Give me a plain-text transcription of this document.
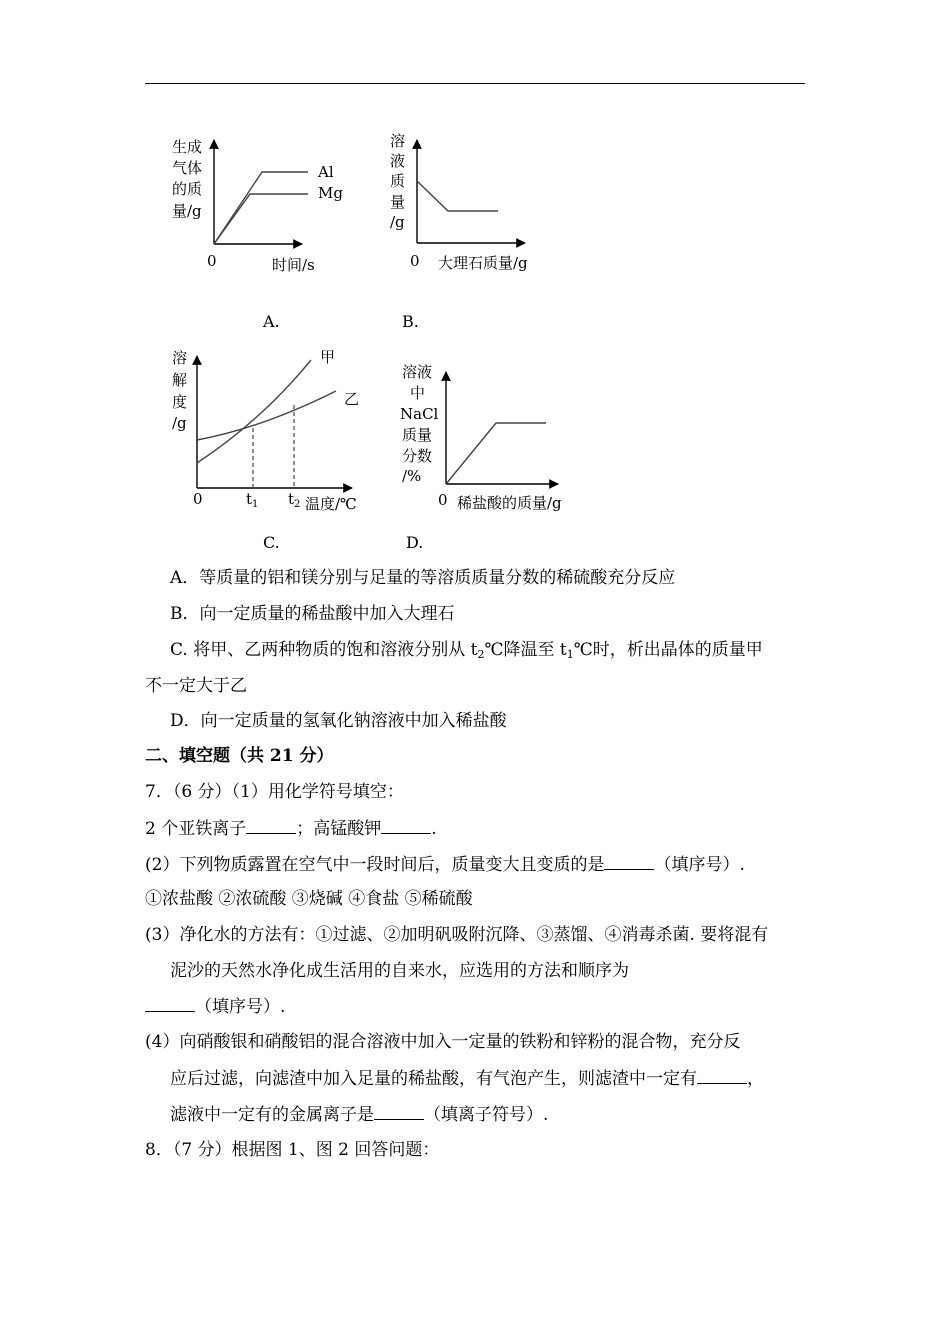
生成
气体
的质
量/g
Al
Mg
0	时间/s
A.
溶
液
质
量
/g
0 大理石质量/g
B.
溶
解
度
/g
甲
乙
0	$t_1$ $t_2$ 温度/℃
C.
溶液
中
NaCl
质量
分数
/%
0 稀盐酸的质量/g
D.
A．等质量的铝和镁分别与足量的等溶质质量分数的稀硫酸充分反应
B．向一定质量的稀盐酸中加入大理石
C. 将甲、乙两种物质的饱和溶液分别从 $t_2℃$降温至 $t_1℃$时，析出晶体的质量甲
不一定大于乙
D．向一定质量的氢氧化钠溶液中加入稀盐酸
二、填空题（共 21 分）
7．（6 分）（1）用化学符号填空：
2 个亚铁离子	；高锰酸钾	.
(2）下列物质露置在空气中一段时间后，质量变大且变质的是	（填序号）.
①浓盐酸 ②浓硫酸 ③烧碱 ④食盐 ⑤稀硫酸
(3）净化水的方法有：①过滤、②加明矾吸附沉降、③蒸馏、④消毒杀菌. 要将混有
泥沙的天然水净化成生活用的自来水，应选用的方法和顺序为
（填序号）.
(4）向硝酸银和硝酸铝的混合溶液中加入一定量的铁粉和锌粉的混合物，充分反
应后过滤，向滤渣中加入足量的稀盐酸，有气泡产生，则滤渣中一定有	，
滤液中一定有的金属离子是	（填离子符号）.
8．（7 分）根据图 1、图 2 回答问题：
